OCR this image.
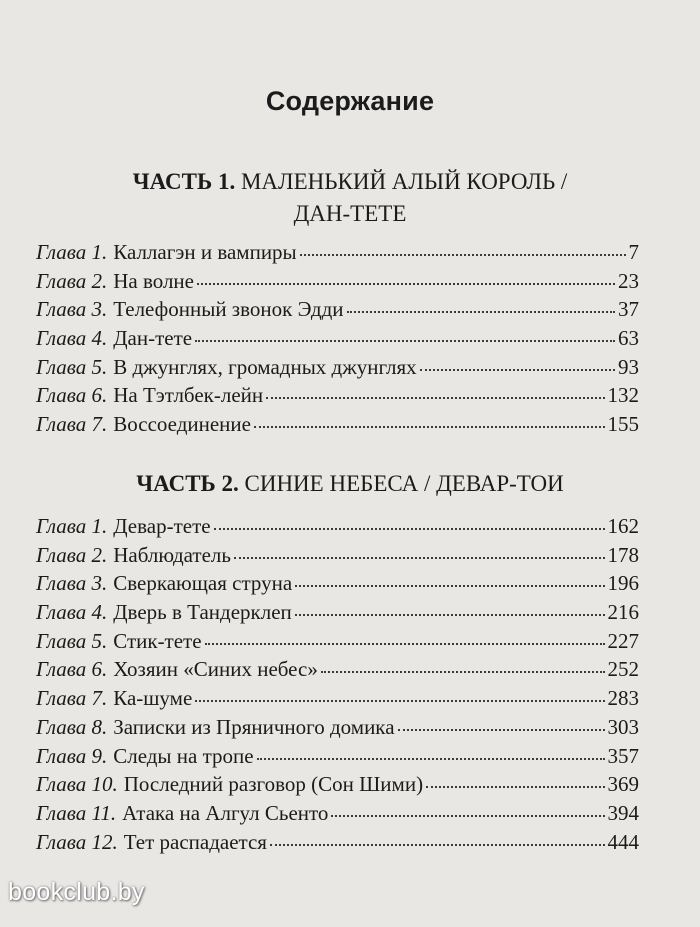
Содержание
ЧАСТЬ 1. МАЛЕНЬКИЙ АЛЫЙ КОРОЛЬ /
ДАН-ТЕТЕ
Глава 1. Каллагэн и вампиры	7
Глава 2. На волне	23
Глава 3. Телефонный звонок Эдди	37
Глава 4. Дан-тете	63
Глава 5. В джунглях, громадных джунглях	93
Глава 6. На Тэтлбек-лейн	132
Глава 7. Воссоединение	155
ЧАСТЬ 2. СИНИЕ НЕБЕСА / ДЕВАР-ТОИ
Глава 1. Девар-тете	162
Глава 2. Наблюдатель	178
Глава 3. Сверкающая струна	196
Глава 4. Дверь в Тандерклеп	216
Глава 5. Стик-тете	227
Глава 6. Хозяин «Синих небес»	252
Глава 7. Ка-шуме	283
Глава 8. Записки из Пряничного домика	303
Глава 9. Следы на тропе	357
Глава 10. Последний разговор (Сон Шими)	369
Глава 11. Атака на Алгул Сьенто	394
Глава 12. Тет распадается	444
bookclub.by
